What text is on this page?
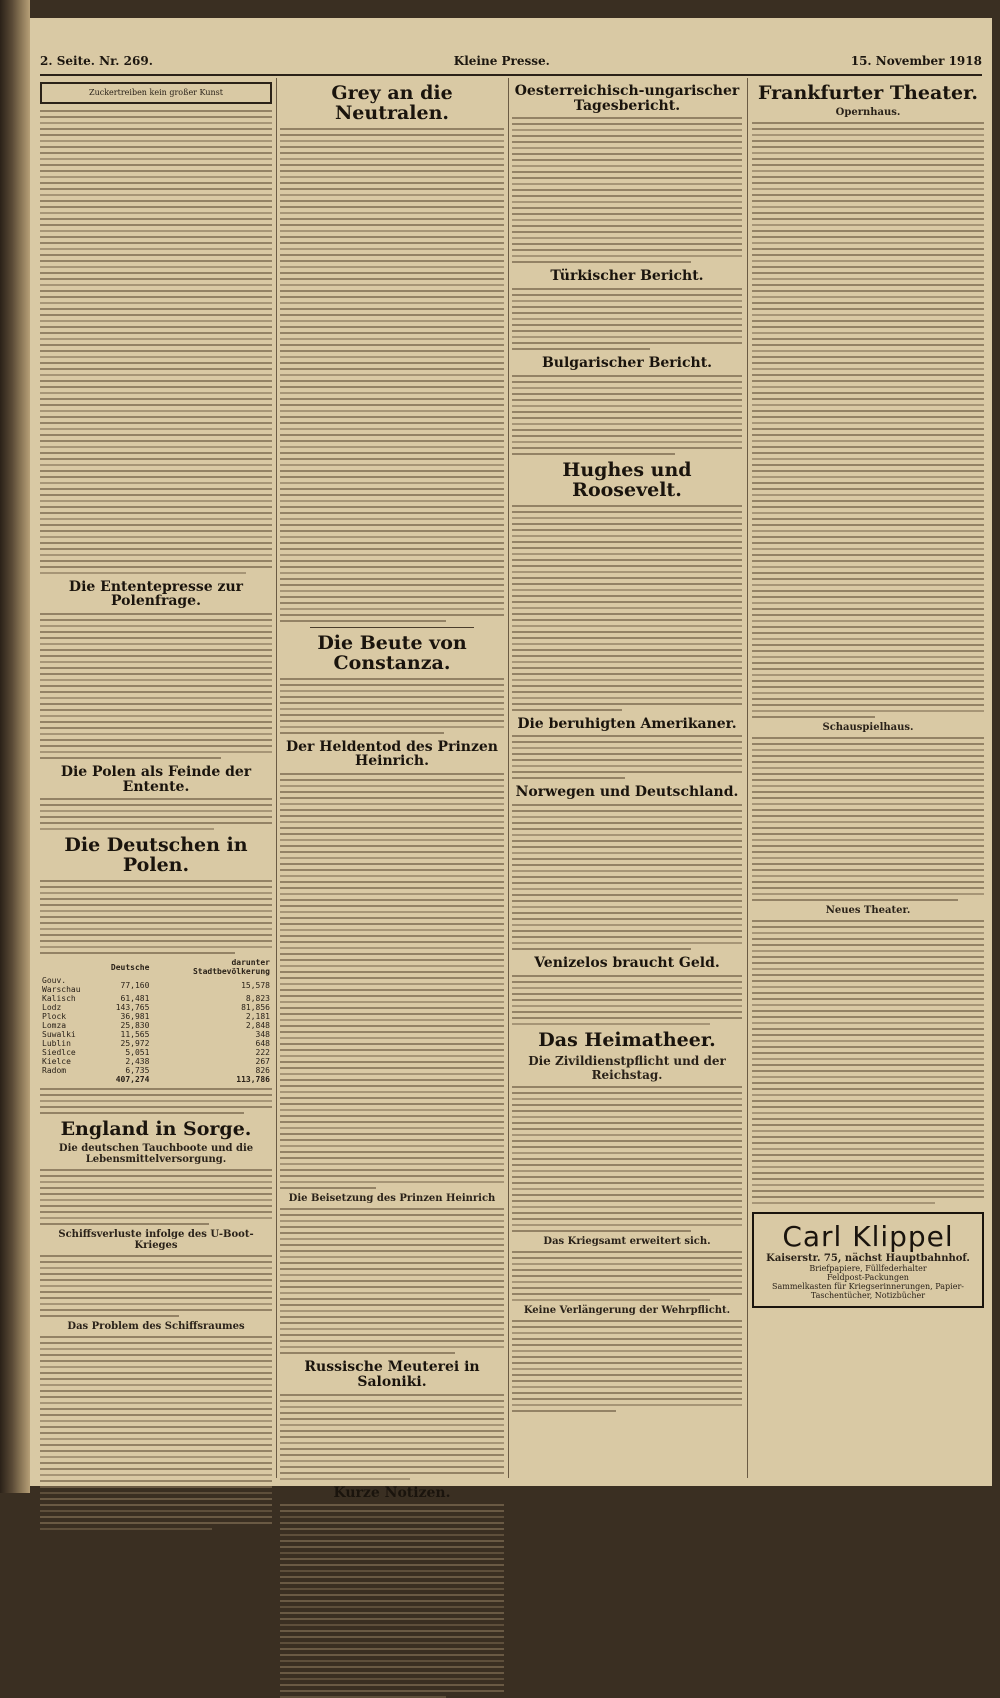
2. Seite. Nr. 269.	Kleine Presse.	15. November 1918
Zuckertreiben kein großer Kunst
Die Ententepresse zur Polenfrage.
Die Polen als Feinde der Entente.
Die Deutschen in Polen.
	Deutsche	darunter Stadtbevölkerung
Gouv. Warschau	77,160	15,578
Kalisch	61,481	8,823
Lodz	143,765	81,856
Plock	36,981	2,181
Lomza	25,830	2,848
Suwalki	11,565	348
Lublin	25,972	648
Siedlce	5,051	222
Kielce	2,438	267
Radom	6,735	826
	407,274	113,786
England in Sorge.
Die deutschen Tauchboote und die Lebensmittelversorgung.
Schiffsverluste infolge des U-Boot-Krieges
Das Problem des Schiffsraumes
Grey an die Neutralen.
Die Beute von Constanza.
Der Heldentod des Prinzen Heinrich.
Die Beisetzung des Prinzen Heinrich
Russische Meuterei in Saloniki.
Kurze Notizen.
Oesterreichisch-ungarischer Tagesbericht.
Türkischer Bericht.
Bulgarischer Bericht.
Hughes und Roosevelt.
Die beruhigten Amerikaner.
Norwegen und Deutschland.
Venizelos braucht Geld.
Das Heimatheer.
Die Zivildienstpflicht und der Reichstag.
Das Kriegsamt erweitert sich.
Keine Verlängerung der Wehrpflicht.
Frankfurter Theater.
Opernhaus.
Schauspielhaus.
Neues Theater.
Carl Klippel
Kaiserstr. 75, nächst Hauptbahnhof.
Briefpapiere, Füllfederhalter
Feldpost-Packungen
Sammelkasten für Kriegserinnerungen, Papier-Taschentücher, Notizbücher
